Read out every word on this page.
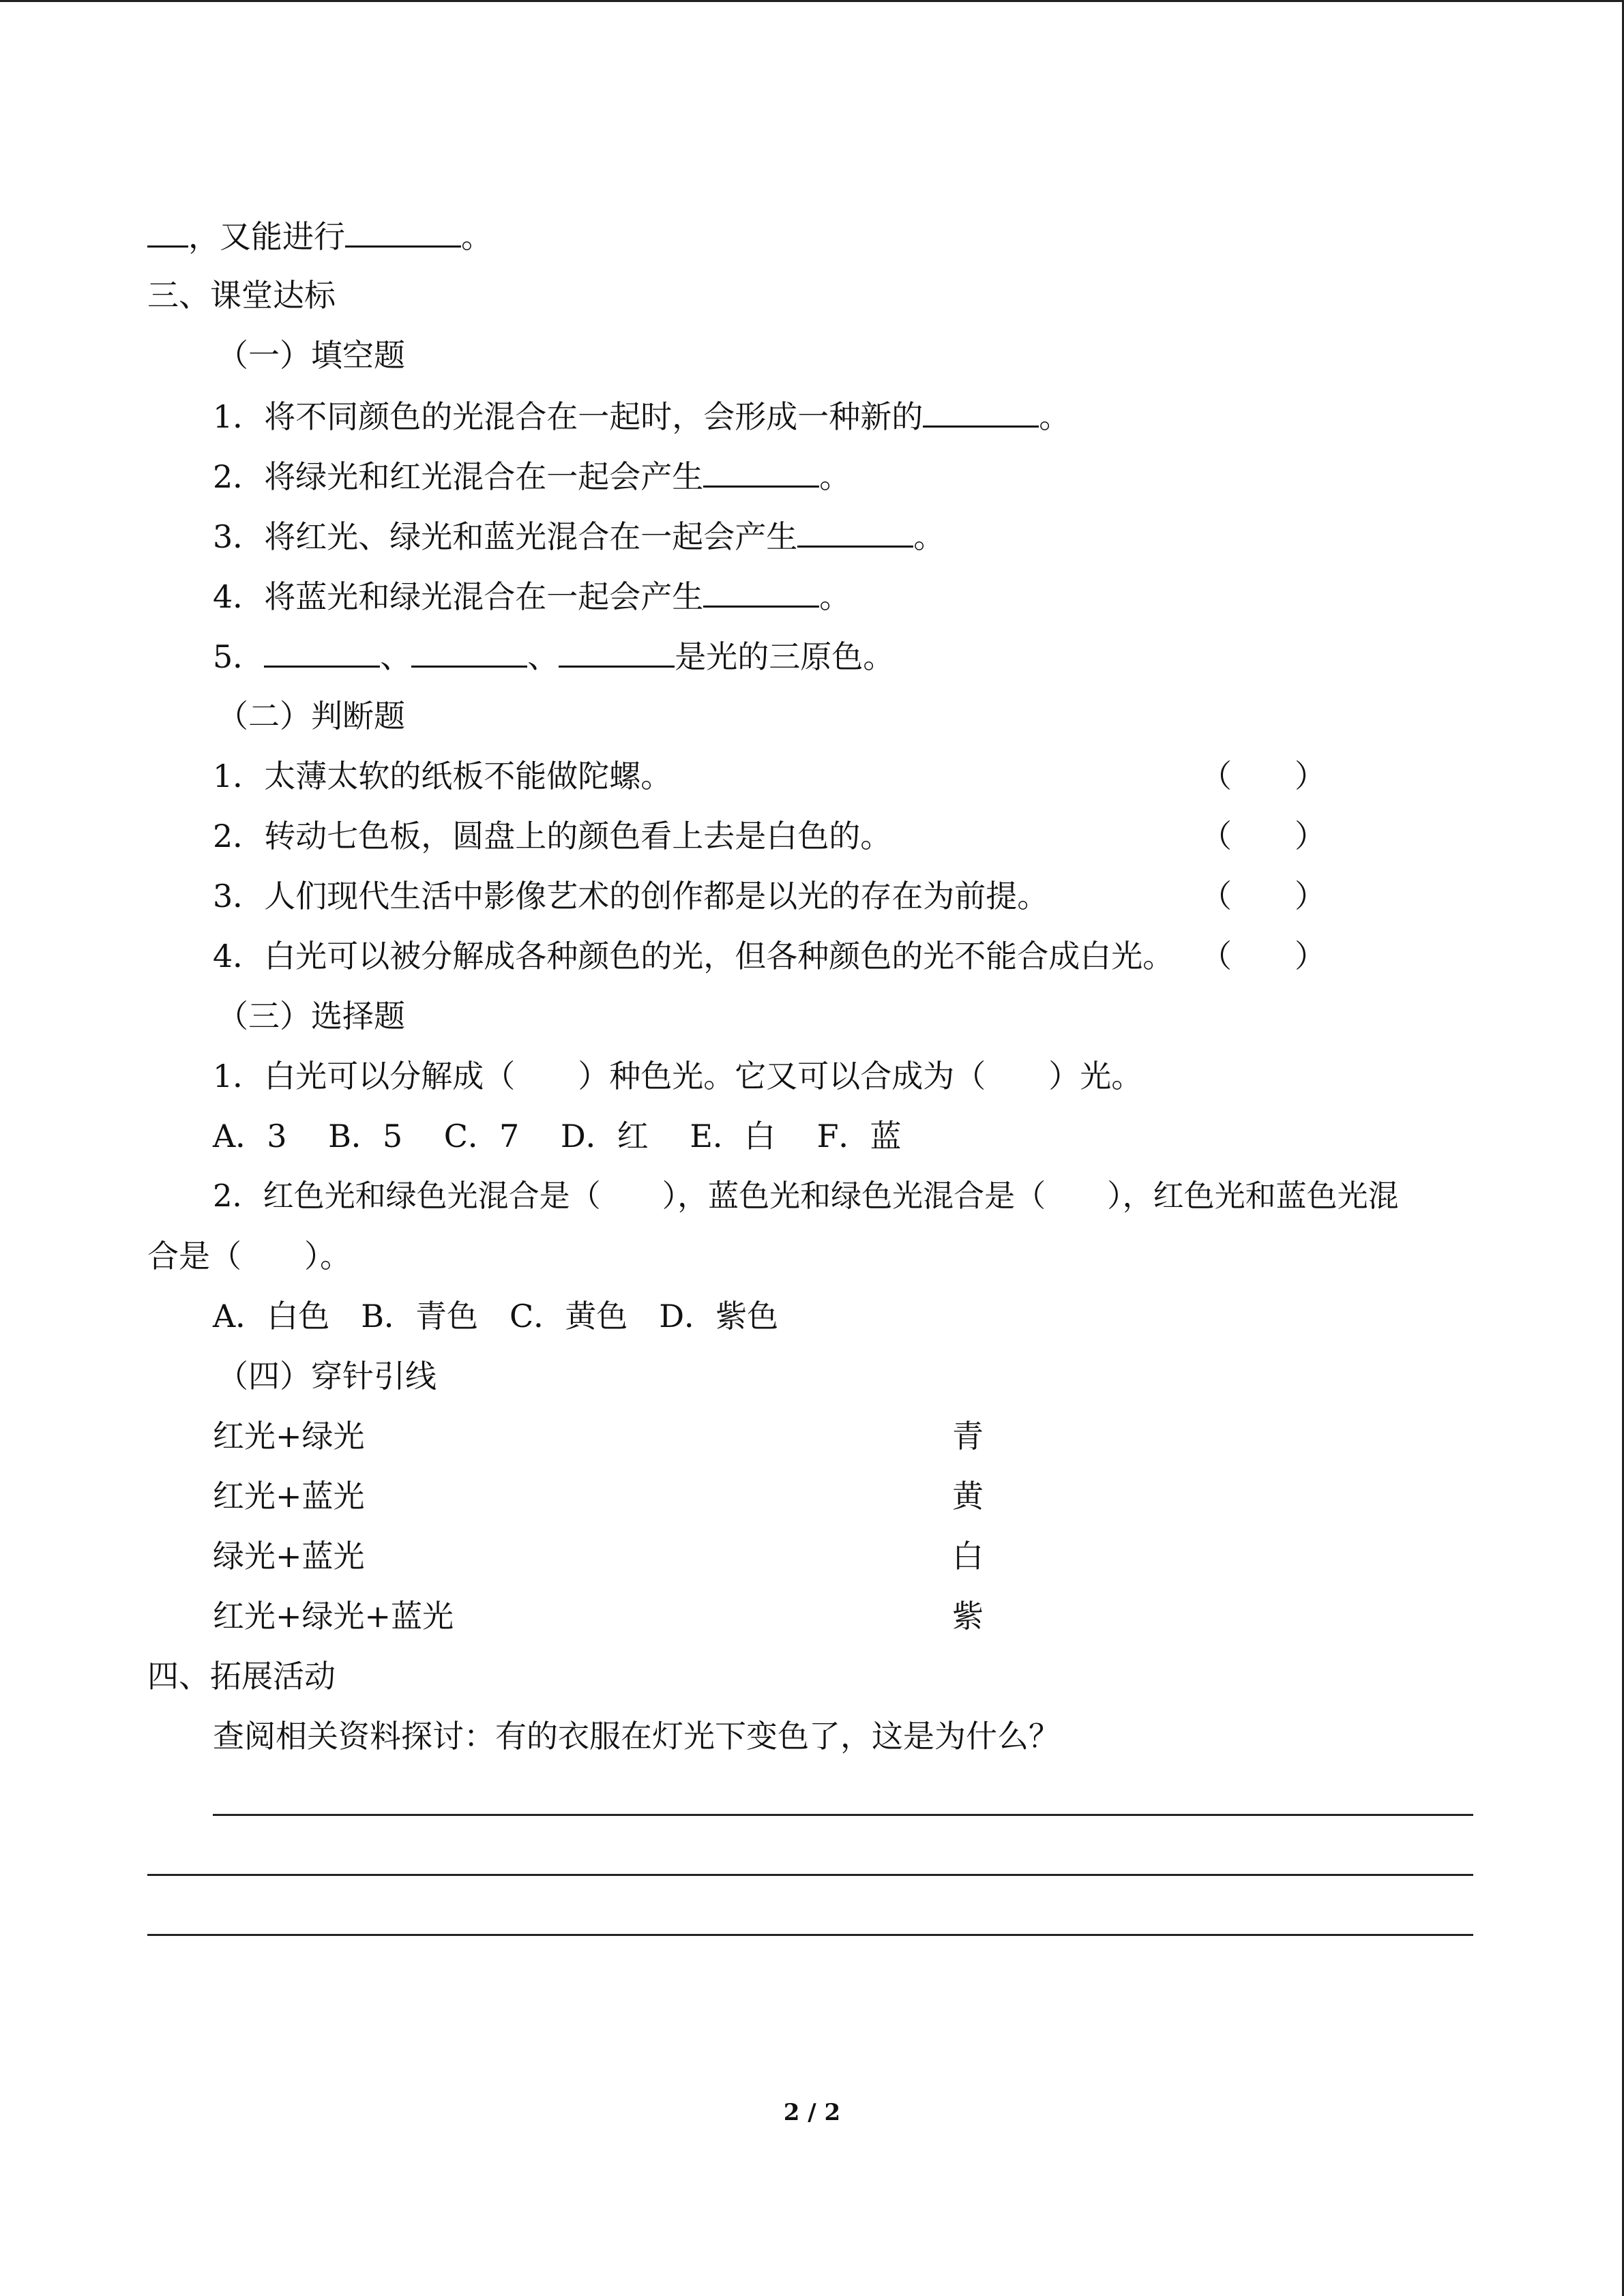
，又能进行	。
三、课堂达标
（一）填空题
1．将不同颜色的光混合在一起时，会形成一种新的	。
2．将绿光和红光混合在一起会产生	。
3．将红光、绿光和蓝光混合在一起会产生	。
4．将蓝光和绿光混合在一起会产生	。
5．	、	、	是光的三原色。
（二）判断题
1．太薄太软的纸板不能做陀螺。	（　　）
2．转动七色板，圆盘上的颜色看上去是白色的。	（　　）
3．人们现代生活中影像艺术的创作都是以光的存在为前提。	（　　）
4．白光可以被分解成各种颜色的光，但各种颜色的光不能合成白光。 （　　）
（三）选择题
1．白光可以分解成（　　）种色光。它又可以合成为（　　）光。
A．3　 B．5　 C．7　 D．红　 E．白　 F．蓝
2．红色光和绿色光混合是（　　），蓝色光和绿色光混合是（　　），红色光和蓝色光混
合是（　　）。
A．白色　B．青色　C．黄色　D．紫色
（四）穿针引线
红光+绿光	青
红光+蓝光	黄
绿光+蓝光	白
红光+绿光+蓝光	紫
四、拓展活动
查阅相关资料探讨：有的衣服在灯光下变色了，这是为什么？
2 / 2
